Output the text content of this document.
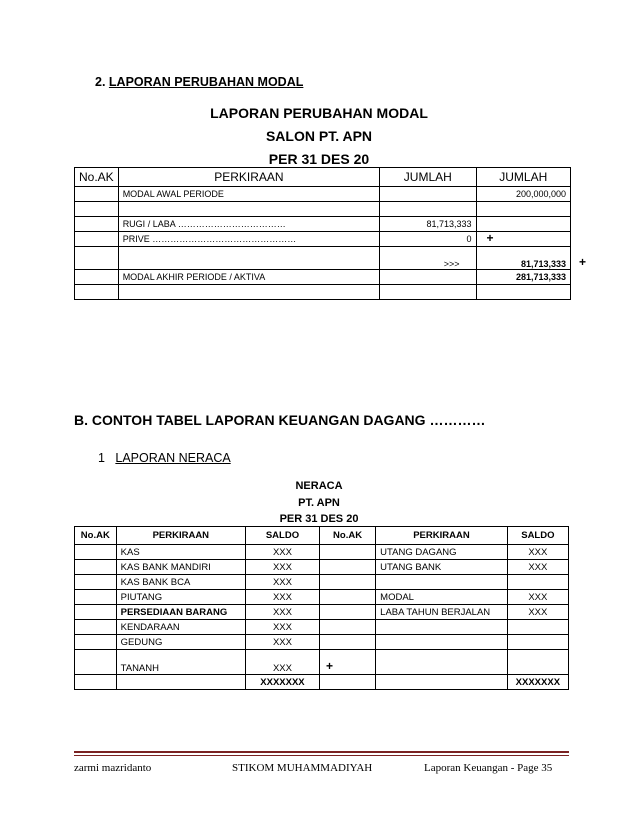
2. LAPORAN PERUBAHAN MODAL
LAPORAN PERUBAHAN MODAL
SALON PT. APN
PER 31 DES 20
No.AK	PERKIRAAN	JUMLAH	JUMLAH
	MODAL AWAL PERIODE		200,000,000

	RUGI / LABA ………………………………	81,713,333	
	PRIVE …………………………………………	0 +	

		>>>	81,713,333 +

	MODAL AKHIR PERIODE / AKTIVA		281,713,333

B. CONTOH TABEL LAPORAN KEUANGAN DAGANG …………
1 LAPORAN NERACA
NERACA
PT. APN
PER 31 DES 20
No.AK	PERKIRAAN	SALDO	No.AK	PERKIRAAN	SALDO
	KAS	XXX		UTANG DAGANG	XXX
	KAS BANK MANDIRI	XXX		UTANG BANK	XXX
	KAS BANK BCA	XXX			
	PIUTANG	XXX		MODAL	XXX
	PERSEDIAAN BARANG	XXX		LABA TAHUN BERJALAN	XXX
	KENDARAAN	XXX			
	GEDUNG	XXX			
	TANANH	XXX +			

		XXXXXXX			XXXXXXX
zarmi mazridanto	STIKOM MUHAMMADIYAH	Laporan Keuangan - Page 35
